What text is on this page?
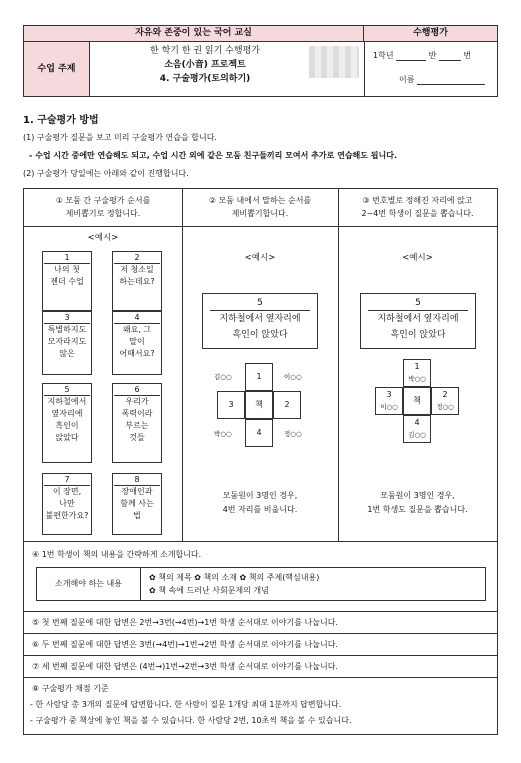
자유와 존중이 있는 국어 교실	수행평가
수업 주제
한 학기 한 권 읽기 수행평가
소음(小音) 프로젝트
4. 구술평가(토의하기)
1학년	반	번
이름
1. 구술평가 방법
(1) 구술평가 질문을 보고 미리 구술평가 연습을 합니다.
- 수업 시간 중에만 연습해도 되고, 수업 시간 외에 같은 모둠 친구들끼리 모여서 추가로 연습해도 됩니다.
(2) 구술평가 당일에는 아래와 같이 진행합니다.
① 모둠 간 구술평가 순서를
제비뽑기로 정합니다.
② 모둠 내에서 말하는 순서를
제비뽑기합니다.
③ 번호별로 정해진 자리에 앉고
2~4번 학생이 질문을 뽑습니다.
<예시>
1
나의 첫
젠더 수업
2
저 청소일
하는데요?
3
특별하지도
모자라지도
않은
4
왜요, 그
말이
어때서요?
5
지하철에서
옆자리에
흑인이
앉았다
6
우리가
폭력이라
부르는
것들
7
이 장면,
나만
불편한가요?
8
장애인과
함께 사는
법
<예시>
5
지하철에서 옆자리에
흑인이 앉았다
1
3	책	2
4
김○○	이○○
박○○	정○○
모둠원이 3명인 경우,
4번 자리를 비웁니다.
<예시>
5
지하철에서 옆자리에
흑인이 앉았다
1
박○○
3
이○○
책
2
정○○
4
김○○
모둠원이 3명인 경우,
1번 학생도 질문을 뽑습니다.
④ 1번 학생이 책의 내용을 간략하게 소개합니다.
소개해야 하는 내용
✿ 책의 제목 ✿ 책의 소재 ✿ 책의 주제(핵심내용)
✿ 책 속에 드러난 사회문제의 개념
⑤ 첫 번째 질문에 대한 답변은 2번→3번(→4번)→1번 학생 순서대로 이야기를 나눕니다.
⑥ 두 번째 질문에 대한 답변은 3번(→4번)→1번→2번 학생 순서대로 이야기를 나눕니다.
⑦ 세 번째 질문에 대한 답변은 (4번→)1번→2번→3번 학생 순서대로 이야기를 나눕니다.
⑧ 구술평가 채점 기준
- 한 사람당 총 3개의 질문에 답변합니다. 한 사람이 질문 1개당 최대 1분까지 답변합니다.
- 구술평가 중 책상에 놓인 책을 볼 수 있습니다. 한 사람당 2번, 10초씩 책을 볼 수 있습니다.
